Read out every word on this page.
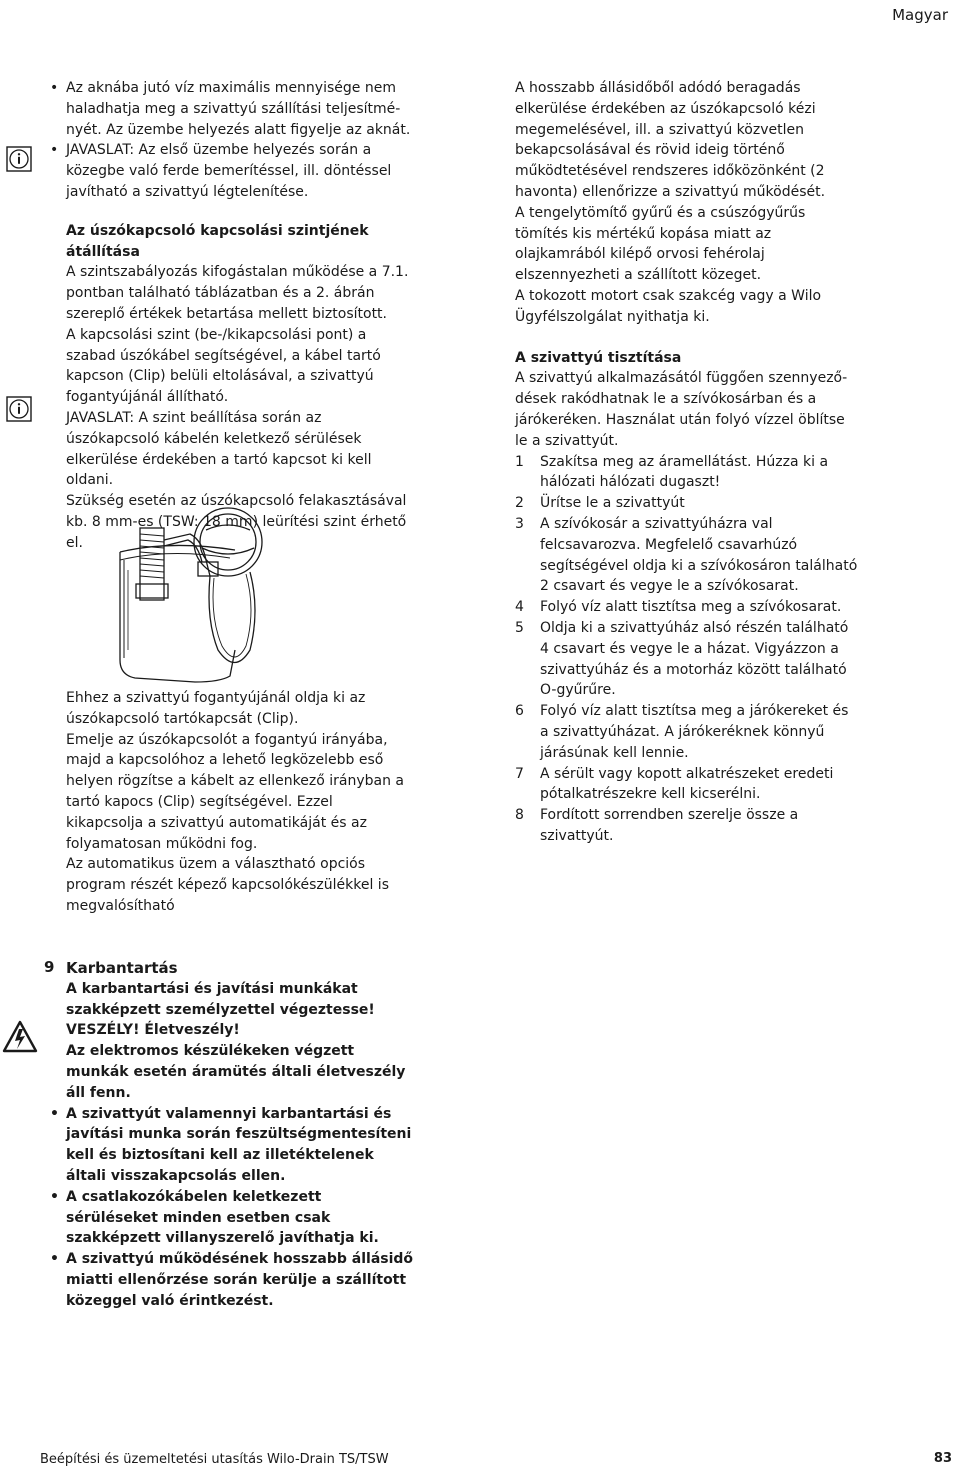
Magyar
• Az aknába jutó víz maximális mennyisége nem haladhatja meg a szivattyú szállítási teljesítményét. Az üzembe helyezés alatt figyelje az aknát.
• JAVASLAT: Az első üzembe helyezés során a közegbe való ferde bemerítéssel, ill. döntéssel javítható a szivattyú légtelenítése.

Az úszókapcsoló kapcsolási szintjének átállítása

A szintszabályozás kifogástalan működése a 7.1. pontban található táblázatban és a 2. ábrán szereplő értékek betartása mellett biztosított.

A kapcsolási szint (be-/kikapcsolási pont) a szabad úszókábel segítségével, a kábel tartó kapcson (Clip) belüli eltolásával, a szivattyú fogantyújánál állítható.

JAVASLAT: A szint beállítása során az úszókapcsoló kábelén keletkező sérülések elkerülése érdekében a tartó kapcsot ki kell oldani.

Szükség esetén az úszókapcsoló felakasztásával kb. 8 mm-es (TSW: 18 mm) leürítési szint érhető el.

Ehhez a szivattyú fogantyújánál oldja ki az úszókapcsoló tartókapcsát (Clip).

Emelje az úszókapcsolót a fogantyú irányába, majd a kapcsolóhoz a lehető legközelebb eső helyen rögzítse a kábelt az ellenkező irányban a tartó kapocs (Clip) segítségével. Ezzel kikapcsolja a szivattyú automatikáját és az folyamatosan működni fog.

Az automatikus üzem a választható opciós program részét képező kapcsolókészülékkel is megvalósítható

A hosszabb állásidőből adódó beragadás elkerülése érdekében az úszókapcsoló kézi megemelésével, ill. a szivattyú közvetlen bekapcsolásával és rövid ideig történő működtetésével rendszeres időközönként (2 havonta) ellenőrizze a szivattyú működését.

A tengelytömítő gyűrű és a csúszógyűrűs tömítés kis mértékű kopása miatt az olajkamrából kilépő orvosi fehérolaj elszennyezheti a szállított közeget.

A tokozott motort csak szakcég vagy a Wilo Ügyfélszolgálat nyithatja ki.

A szivattyú tisztítása

A szivattyú alkalmazásától függően szennyeződések rakódhatnak le a szívókosárban és a járókeréken. Használat után folyó vízzel öblítse le a szivattyút.

1 Szakítsa meg az áramellátást. Húzza ki a hálózati hálózati dugaszt!
2 Ürítse le a szivattyút
3 A szívókosár a szivattyúházra val felcsavarozva. Megfelelő csavarhúzó segítségével oldja ki a szívókosáron található 2 csavart és vegye le a szívókosarat.
4 Folyó víz alatt tisztítsa meg a szívókosarat.
5 Oldja ki a szivattyúház alsó részén található 4 csavart és vegye le a házat. Vigyázzon a szivattyúház és a motorház között található O-gyűrűre.
6 Folyó víz alatt tisztítsa meg a járókereket és a szivattyúházat. A járókeréknek könnyű járásúnak kell lennie.
7 A sérült vagy kopott alkatrészeket eredeti pótalkatrészekre kell kicserélni.
8 Fordított sorrendben szerelje össze a szivattyút.
9 Karbantartás

A karbantartási és javítási munkákat szakképzett személyzettel végeztesse!

VESZÉLY! Életveszély!

Az elektromos készülékeken végzett munkák esetén áramütés általi életveszély áll fenn.

• A szivattyút valamennyi karbantartási és javítási munka során feszültségmentesíteni kell és biztosítani kell az illetéktelenek általi visszakapcsolás ellen.
• A csatlakozókábelen keletkezett sérüléseket minden esetben csak szakképzett villanyszerelő javíthatja ki.
• A szivattyú működésének hosszabb állásidő miatti ellenőrzése során kerülje a szállított közeggel való érintkezést.
Beépítési és üzemeltetési utasítás Wilo-Drain TS/TSW	83
